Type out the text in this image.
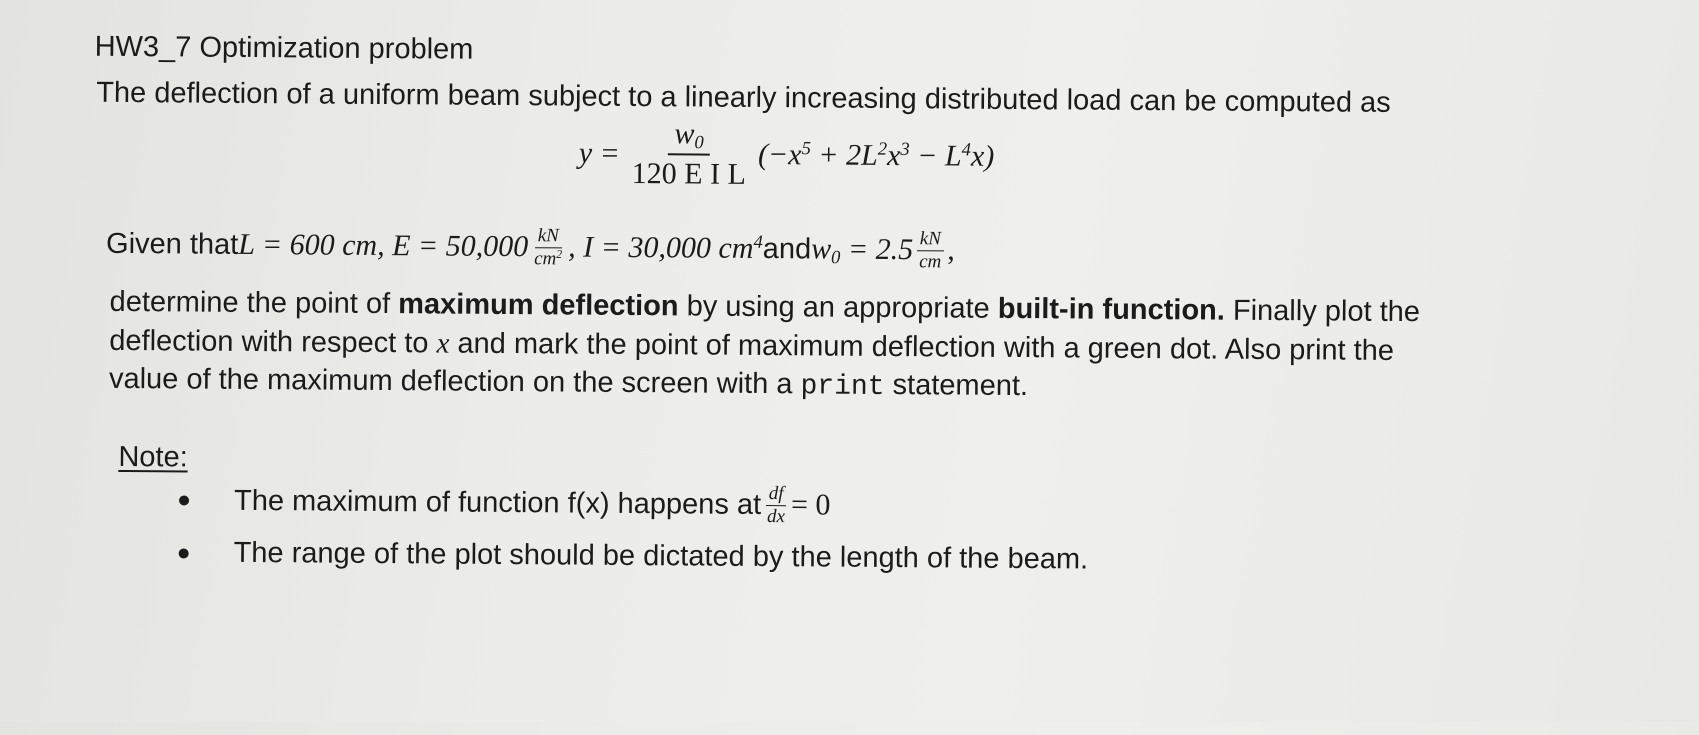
HW3_7 Optimization problem
The deflection of a uniform beam subject to a linearly increasing distributed load can be computed as
$y = \frac{w_0}{\text{120 E I L}} (-x^5 + 2L^2x^3 - L^4x)$
Given that L = 600 cm, $E = 50,000 \frac{kN}{cm^2}$ , I = 30,000 $cm^4$ and $w_0 = 2.5 \frac{kN}{cm}$ ,
determine the point of maximum deflection by using an appropriate built-in function. Finally plot the
deflection with respect to x and mark the point of maximum deflection with a green dot. Also print the
value of the maximum deflection on the screen with a print statement.
Note:
The maximum of function f(x) happens at $\frac{df}{dx} = 0$
The range of the plot should be dictated by the length of the beam.
